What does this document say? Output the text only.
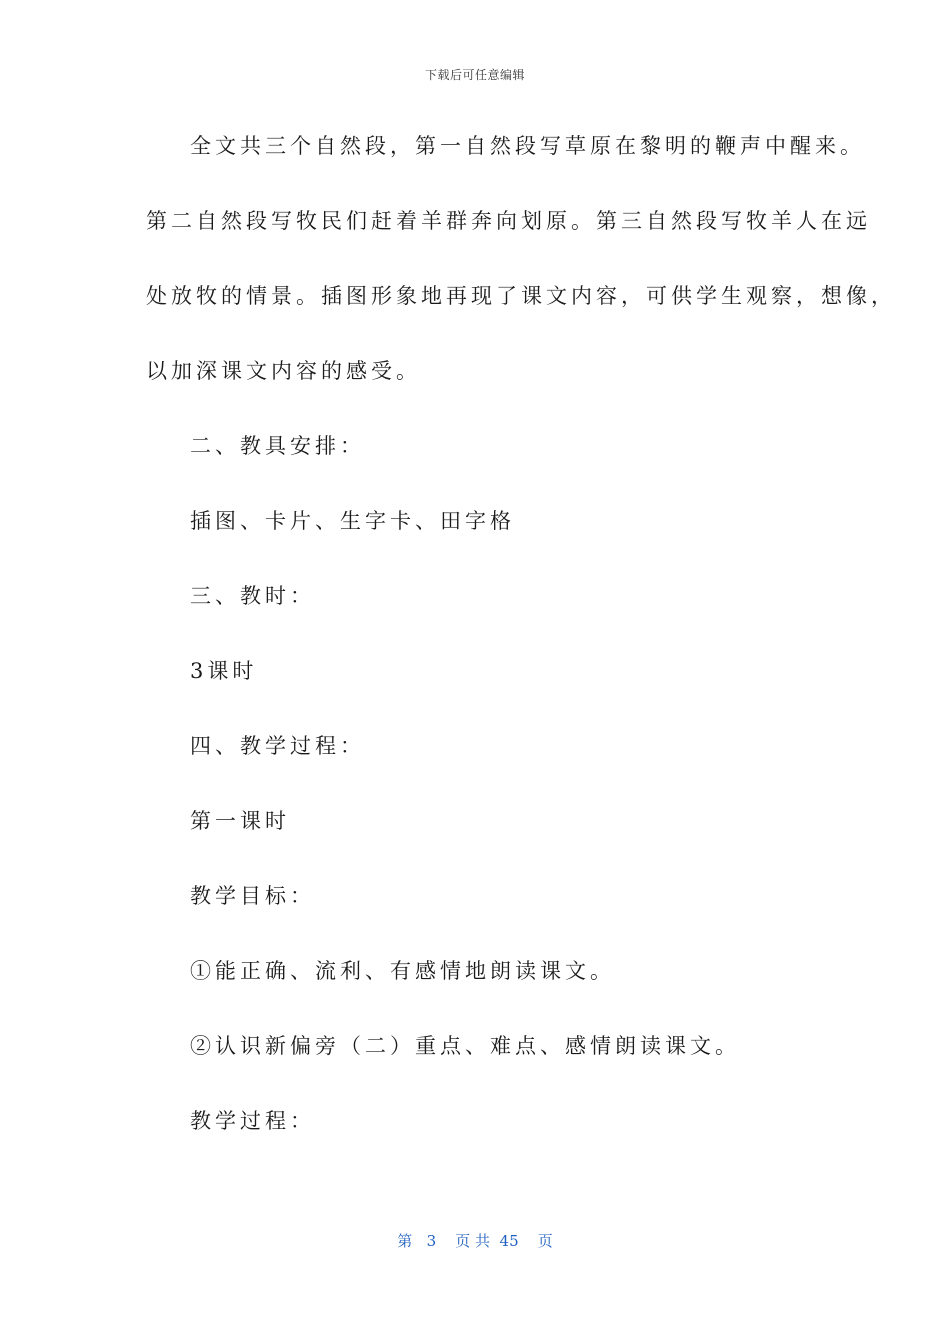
下载后可任意编辑
全文共三个自然段，第一自然段写草原在黎明的鞭声中醒来。
第二自然段写牧民们赶着羊群奔向划原。第三自然段写牧羊人在远
处放牧的情景。插图形象地再现了课文内容，可供学生观察，想像，
以加深课文内容的感受。
二、教具安排：
插图、卡片、生字卡、田字格
三、教时：
3课时
四、教学过程：
第一课时
教学目标：
①能正确、流利、有感情地朗读课文。
②认识新偏旁（二）重点、难点、感情朗读课文。
教学过程：
第 3 页 共 45 页
